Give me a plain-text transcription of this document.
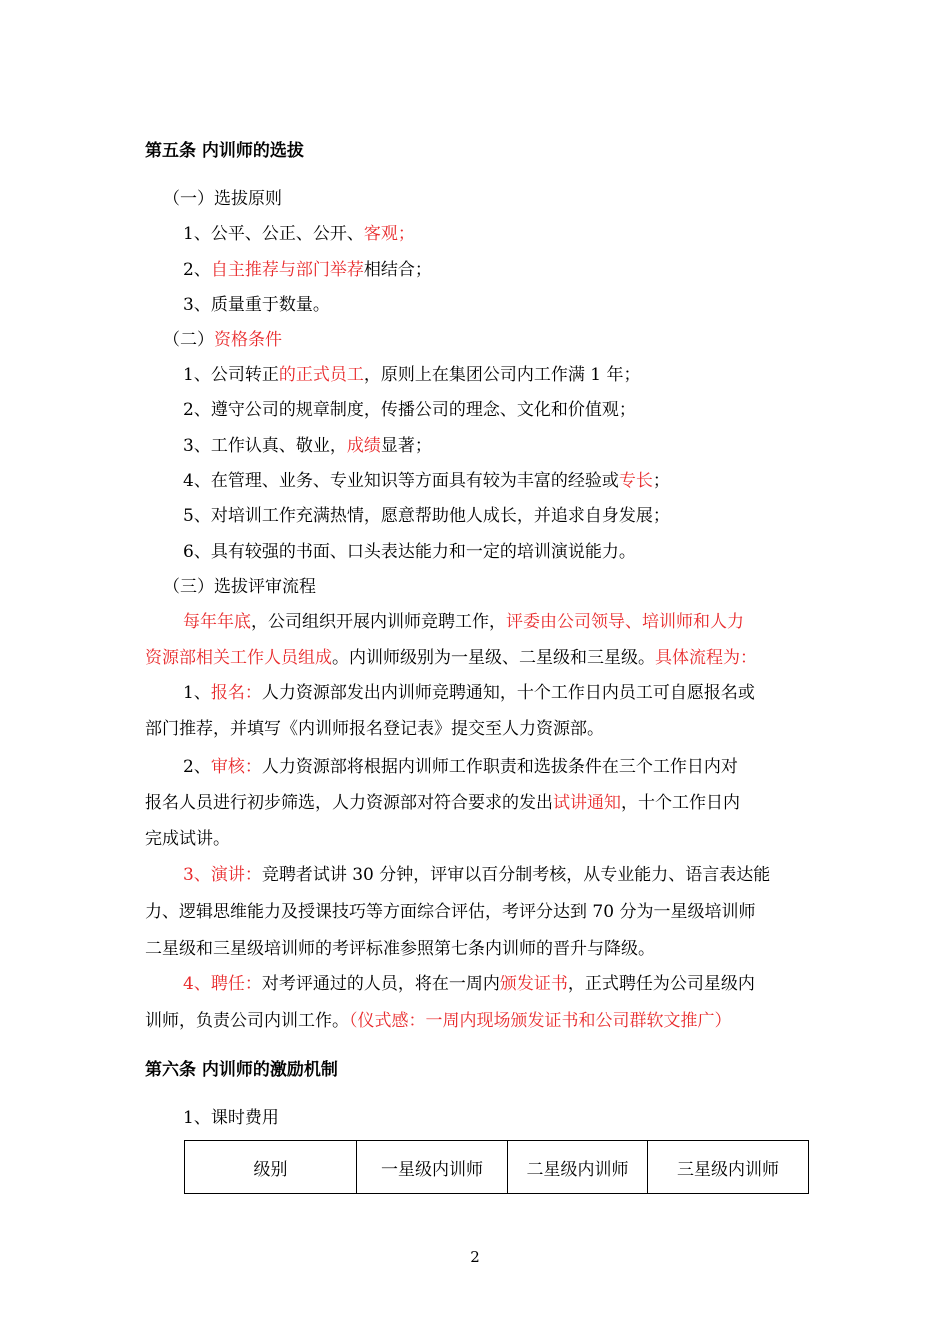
第五条 内训师的选拔
（一）选拔原则
1、公平、公正、公开、客观；
2、自主推荐与部门举荐相结合；
3、质量重于数量。
（二）资格条件
1、公司转正的正式员工，原则上在集团公司内工作满 1 年；
2、遵守公司的规章制度，传播公司的理念、文化和价值观；
3、工作认真、敬业，成绩显著；
4、在管理、业务、专业知识等方面具有较为丰富的经验或专长；
5、对培训工作充满热情，愿意帮助他人成长，并追求自身发展；
6、具有较强的书面、口头表达能力和一定的培训演说能力。
（三）选拔评审流程
每年年底，公司组织开展内训师竞聘工作，评委由公司领导、培训师和人力
资源部相关工作人员组成。内训师级别为一星级、二星级和三星级。具体流程为：
1、报名：人力资源部发出内训师竞聘通知，十个工作日内员工可自愿报名或
部门推荐，并填写《内训师报名登记表》提交至人力资源部。
2、审核：人力资源部将根据内训师工作职责和选拔条件在三个工作日内对
报名人员进行初步筛选，人力资源部对符合要求的发出试讲通知，十个工作日内
完成试讲。
3、演讲：竞聘者试讲 30 分钟，评审以百分制考核，从专业能力、语言表达能
力、逻辑思维能力及授课技巧等方面综合评估，考评分达到 70 分为一星级培训师
二星级和三星级培训师的考评标准参照第七条内训师的晋升与降级。
4、聘任：对考评通过的人员，将在一周内颁发证书，正式聘任为公司星级内
训师，负责公司内训工作。（仪式感：一周内现场颁发证书和公司群软文推广）
第六条 内训师的激励机制
1、课时费用
级别	一星级内训师	二星级内训师	三星级内训师
2
